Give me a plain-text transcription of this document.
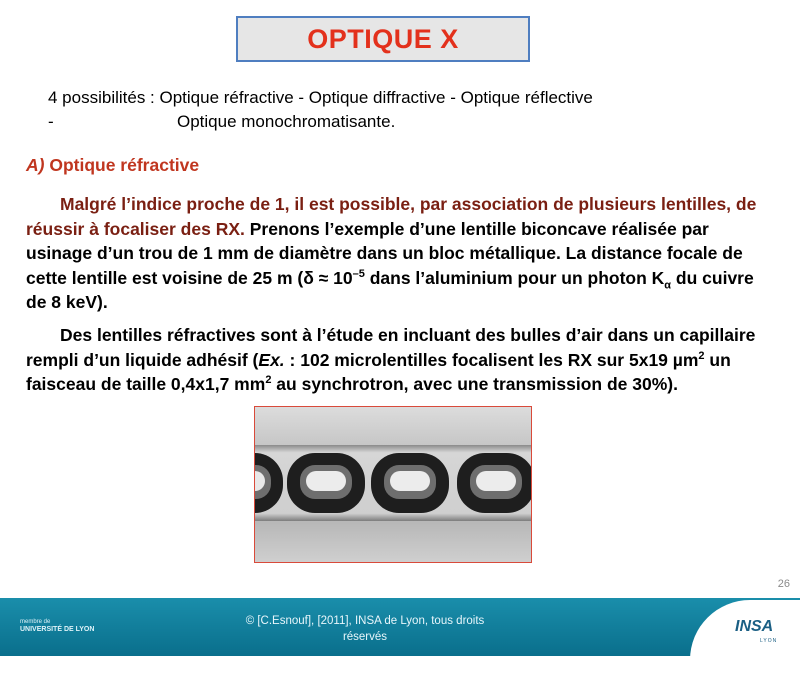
OPTIQUE X
4 possibilités : Optique réfractive - Optique diffractive - Optique réflective
-	Optique monochromatisante.
A) Optique réfractive

Malgré l’indice proche de 1, il est possible, par association de plusieurs lentilles, de réussir à focaliser des RX. Prenons l’exemple d’une lentille biconcave réalisée par usinage d’un trou de 1 mm de diamètre dans un bloc métallique. La distance focale de cette lentille est voisine de 25 m ($\delta \approx 10^{-5}$ dans l’aluminium pour un photon $K_\alpha$ du cuivre de 8 keV).

Des lentilles réfractives sont à l’étude en incluant des bulles d’air dans un capillaire rempli d’un liquide adhésif (Ex. : 102 microlentilles focalisent les RX sur 5x19 µm$^2$ un faisceau de taille 0,4x1,7 $mm^2$ au synchrotron, avec une transmission de 30%).

26
membre de
UNIVERSITÉ DE LYON
© [C.Esnouf], [2011], INSA de Lyon, tous droits
réservés
INSA
LYON
